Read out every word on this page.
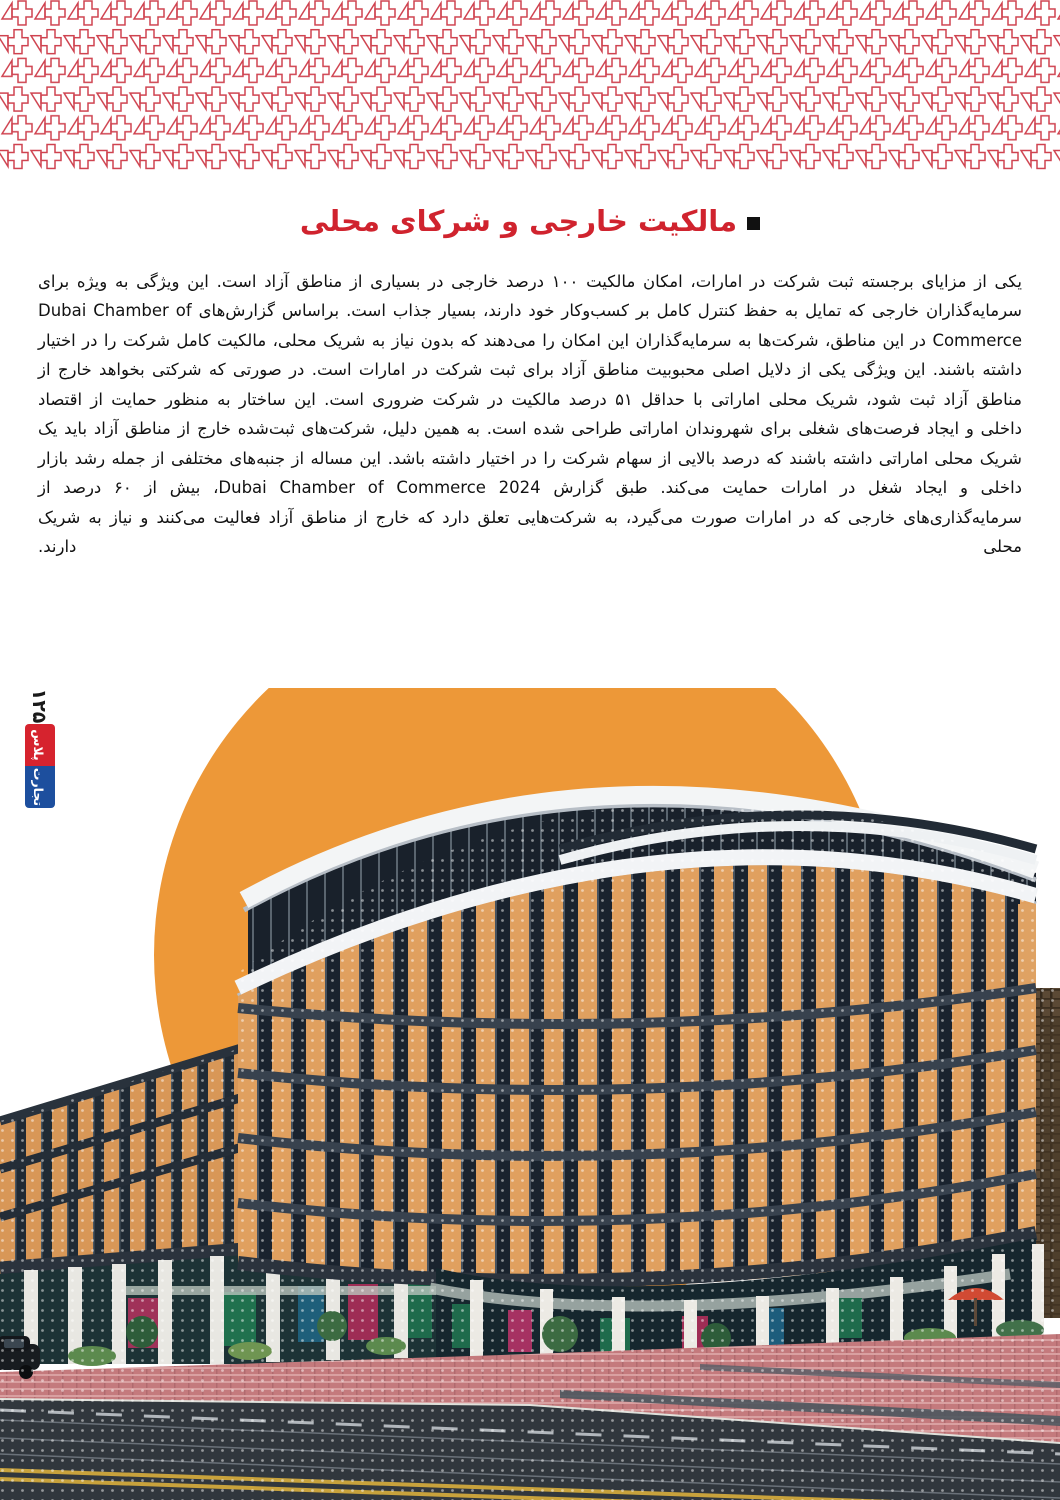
مالکیت خارجی و شرکای محلی

یکی از مزایای برجسته ثبت شرکت در امارات، امکان مالکیت ۱۰۰ درصد خارجی در بسیاری از مناطق آزاد است. این ویژگی به ویژه برای سرمایه‌گذاران خارجی که تمایل به حفظ کنترل کامل بر کسب‌وکار خود دارند، بسیار جذاب است. براساس گزارش‌های Dubai Chamber of Commerce در این مناطق، شرکت‌ها به سرمایه‌گذاران این امکان را می‌دهند که بدون نیاز به شریک محلی، مالکیت کامل شرکت را در اختیار داشته باشند. این ویژگی یکی از دلایل اصلی محبوبیت مناطق آزاد برای ثبت شرکت در امارات است. در صورتی که شرکتی بخواهد خارج از مناطق آزاد ثبت شود، شریک محلی اماراتی با حداقل ۵۱ درصد مالکیت در شرکت ضروری است. این ساختار به منظور حمایت از اقتصاد داخلی و ایجاد فرصت‌های شغلی برای شهروندان اماراتی طراحی شده است. به همین دلیل، شرکت‌های ثبت‌شده خارج از مناطق آزاد باید یک شریک محلی اماراتی داشته باشند که درصد بالایی از سهام شرکت را در اختیار داشته باشد. این مساله از جنبه‌های مختلفی از جمله رشد بازار داخلی و ایجاد شغل در امارات حمایت می‌کند. طبق گزارش Dubai Chamber of Commerce 2024، بیش از ۶۰ درصد از سرمایه‌گذاری‌های خارجی که در امارات صورت می‌گیرد، به شرکت‌هایی تعلق دارد که خارج از مناطق آزاد فعالیت می‌کنند و نیاز به شریک محلی دارند.

۱۲۵
تجارت
پلاس
